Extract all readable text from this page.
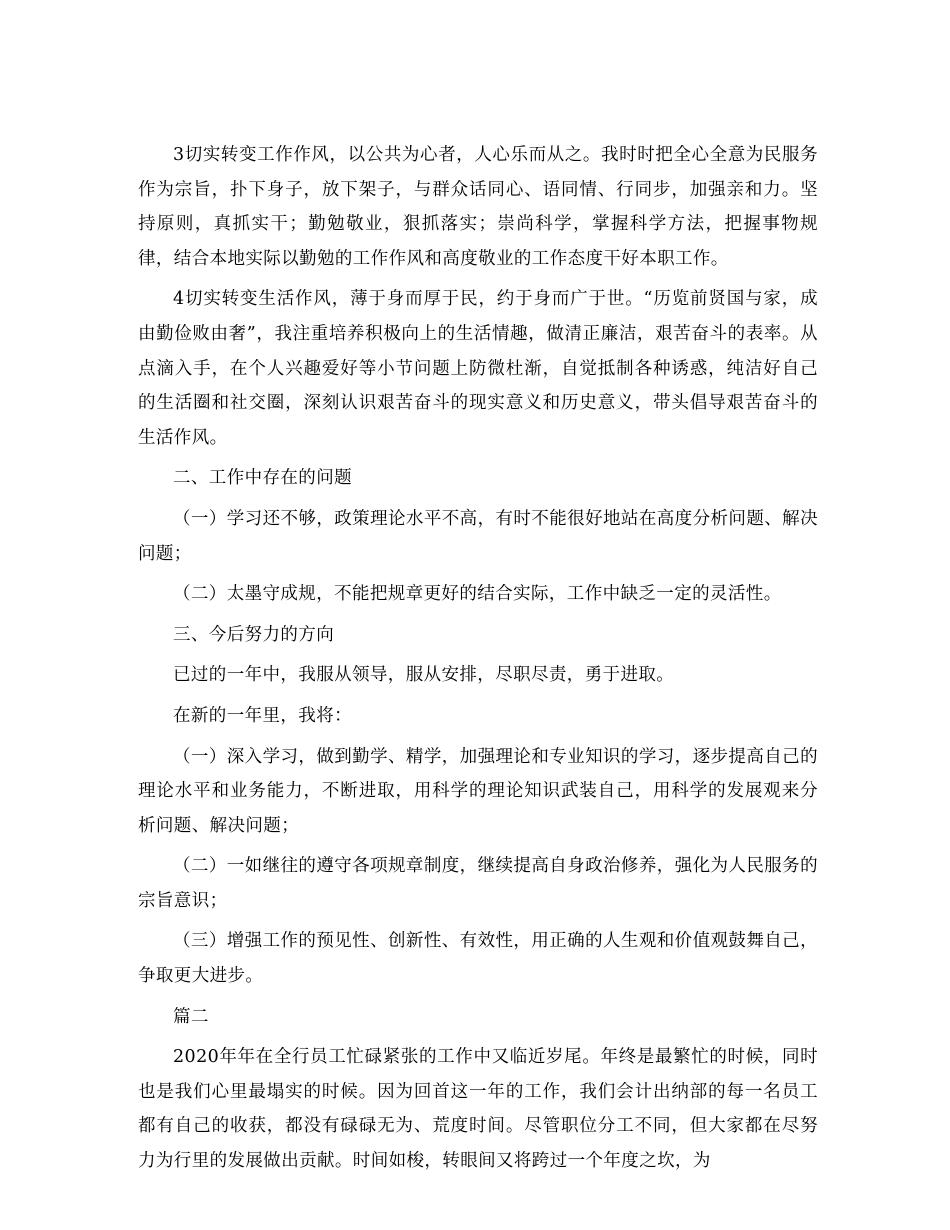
3切实转变工作作风，以公共为心者，人心乐而从之。我时时把全心全意为民服务作为宗旨，扑下身子，放下架子，与群众话同心、语同情、行同步，加强亲和力。坚持原则，真抓实干；勤勉敬业，狠抓落实；崇尚科学，掌握科学方法，把握事物规律，结合本地实际以勤勉的工作作风和高度敬业的工作态度干好本职工作。

4切实转变生活作风，薄于身而厚于民，约于身而广于世。“历览前贤国与家，成由勤俭败由奢”，我注重培养积极向上的生活情趣，做清正廉洁，艰苦奋斗的表率。从点滴入手，在个人兴趣爱好等小节问题上防微杜渐，自觉抵制各种诱惑，纯洁好自己的生活圈和社交圈，深刻认识艰苦奋斗的现实意义和历史意义，带头倡导艰苦奋斗的生活作风。

二、工作中存在的问题

（一）学习还不够，政策理论水平不高，有时不能很好地站在高度分析问题、解决问题；

（二）太墨守成规，不能把规章更好的结合实际，工作中缺乏一定的灵活性。

三、今后努力的方向

已过的一年中，我服从领导，服从安排，尽职尽责，勇于进取。

在新的一年里，我将：

（一）深入学习，做到勤学、精学，加强理论和专业知识的学习，逐步提高自己的理论水平和业务能力，不断进取，用科学的理论知识武装自己，用科学的发展观来分析问题、解决问题；

（二）一如继往的遵守各项规章制度，继续提高自身政治修养，强化为人民服务的宗旨意识；

（三）增强工作的预见性、创新性、有效性，用正确的人生观和价值观鼓舞自己，争取更大进步。

篇二

2020年年在全行员工忙碌紧张的工作中又临近岁尾。年终是最繁忙的时候，同时也是我们心里最塌实的时候。因为回首这一年的工作，我们会计出纳部的每一名员工都有自己的收获，都没有碌碌无为、荒度时间。尽管职位分工不同，但大家都在尽努力为行里的发展做出贡献。时间如梭，转眼间又将跨过一个年度之坎，为
